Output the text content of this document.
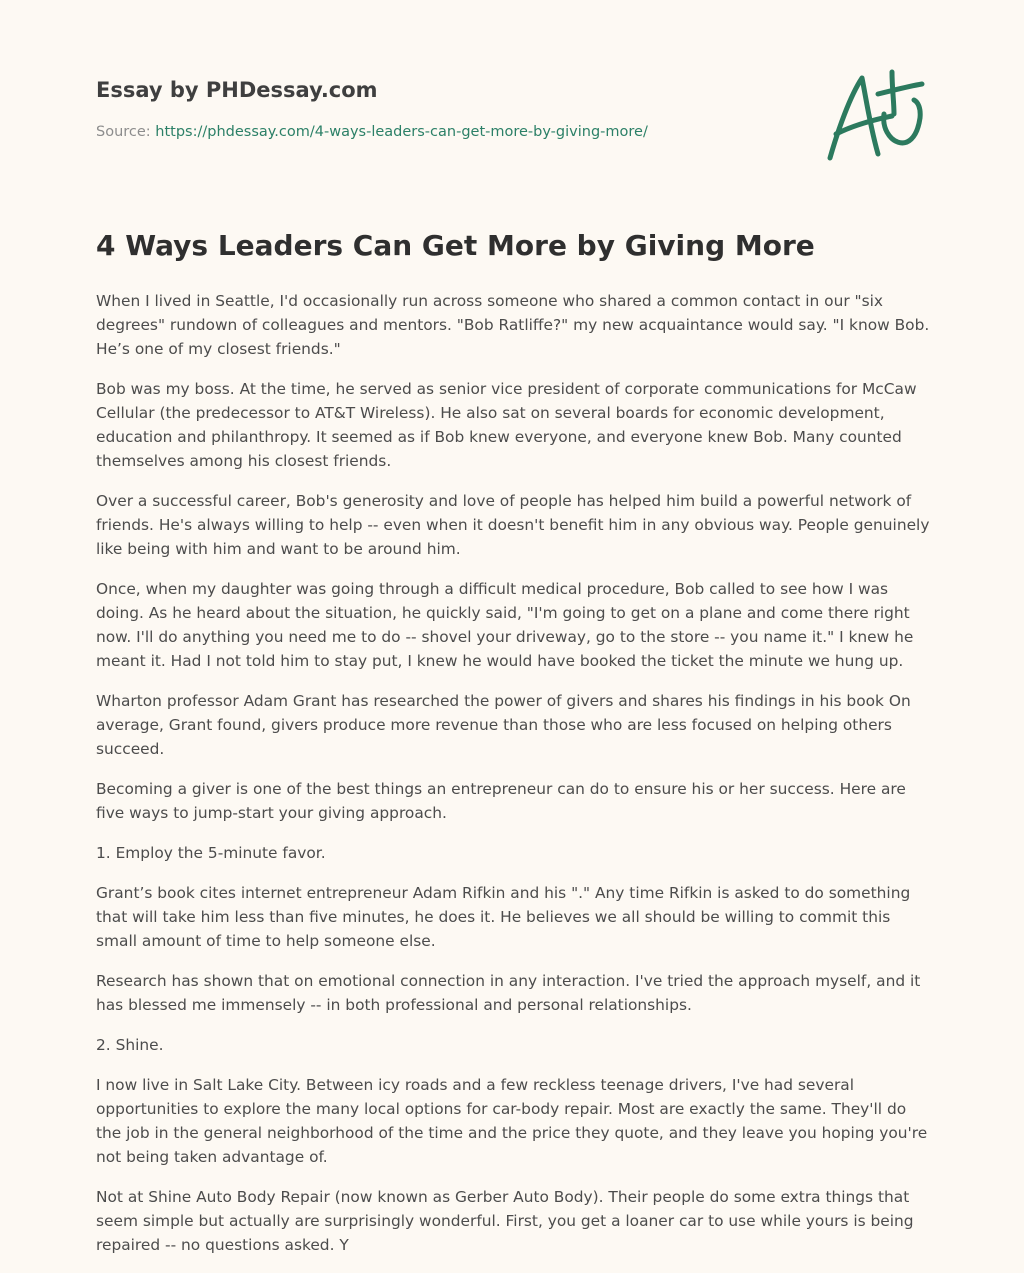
Essay by PHDessay.com
Source: https://phdessay.com/4-ways-leaders-can-get-more-by-giving-more/
4 Ways Leaders Can Get More by Giving More

When I lived in Seattle, I'd occasionally run across someone who shared a common contact in our "six degrees" rundown of colleagues and mentors. "Bob Ratliffe?" my new acquaintance would say. "I know Bob. He’s one of my closest friends."

Bob was my boss. At the time, he served as senior vice president of corporate communications for McCaw Cellular (the predecessor to AT&T Wireless). He also sat on several boards for economic development, education and philanthropy. It seemed as if Bob knew everyone, and everyone knew Bob. Many counted themselves among his closest friends.

Over a successful career, Bob's generosity and love of people has helped him build a powerful network of friends. He's always willing to help -- even when it doesn't benefit him in any obvious way. People genuinely like being with him and want to be around him.

Once, when my daughter was going through a difficult medical procedure, Bob called to see how I was doing. As he heard about the situation, he quickly said, "I'm going to get on a plane and come there right now. I'll do anything you need me to do -- shovel your driveway, go to the store -- you name it." I knew he meant it. Had I not told him to stay put, I knew he would have booked the ticket the minute we hung up.

Wharton professor Adam Grant has researched the power of givers and shares his findings in his book On average, Grant found, givers produce more revenue than those who are less focused on helping others succeed.

Becoming a giver is one of the best things an entrepreneur can do to ensure his or her success. Here are five ways to jump-start your giving approach.

1. Employ the 5-minute favor.

Grant’s book cites internet entrepreneur Adam Rifkin and his "." Any time Rifkin is asked to do something that will take him less than five minutes, he does it. He believes we all should be willing to commit this small amount of time to help someone else.

Research has shown that on emotional connection in any interaction. I've tried the approach myself, and it has blessed me immensely -- in both professional and personal relationships.

2. Shine.

I now live in Salt Lake City. Between icy roads and a few reckless teenage drivers, I've had several opportunities to explore the many local options for car-body repair. Most are exactly the same. They'll do the job in the general neighborhood of the time and the price they quote, and they leave you hoping you're not being taken advantage of.

Not at Shine Auto Body Repair (now known as Gerber Auto Body). Their people do some extra things that seem simple but actually are surprisingly wonderful. First, you get a loaner car to use while yours is being repaired -- no questions asked. Y
